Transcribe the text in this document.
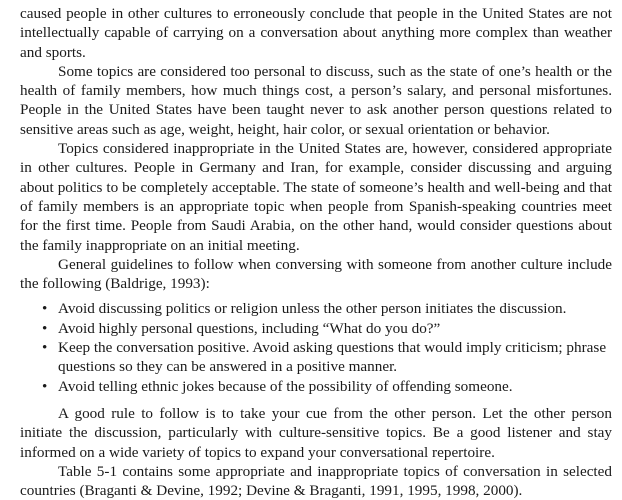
caused people in other cultures to erroneously conclude that people in the United States are not intellectually capable of carrying on a conversation about anything more complex than weather and sports.

Some topics are considered too personal to discuss, such as the state of one’s health or the health of family members, how much things cost, a person’s salary, and personal misfortunes. People in the United States have been taught never to ask another person questions related to sensitive areas such as age, weight, height, hair color, or sexual orientation or behavior.

Topics considered inappropriate in the United States are, however, considered appropriate in other cultures. People in Germany and Iran, for example, consider discussing and arguing about politics to be completely acceptable. The state of someone’s health and well-being and that of family members is an appropriate topic when people from Spanish-speaking countries meet for the first time. People from Saudi Arabia, on the other hand, would consider questions about the family inappropriate on an initial meeting.

General guidelines to follow when conversing with someone from another culture include the following (Baldrige, 1993):

• Avoid discussing politics or religion unless the other person initiates the discussion.
• Avoid highly personal questions, including “What do you do?”
• Keep the conversation positive. Avoid asking questions that would imply criticism; phrase questions so they can be answered in a positive manner.
• Avoid telling ethnic jokes because of the possibility of offending someone.

A good rule to follow is to take your cue from the other person. Let the other person initiate the discussion, particularly with culture-sensitive topics. Be a good listener and stay informed on a wide variety of topics to expand your conversational repertoire.

Table 5-1 contains some appropriate and inappropriate topics of conversation in selected countries (Braganti & Devine, 1992; Devine & Braganti, 1991, 1995, 1998, 2000).
